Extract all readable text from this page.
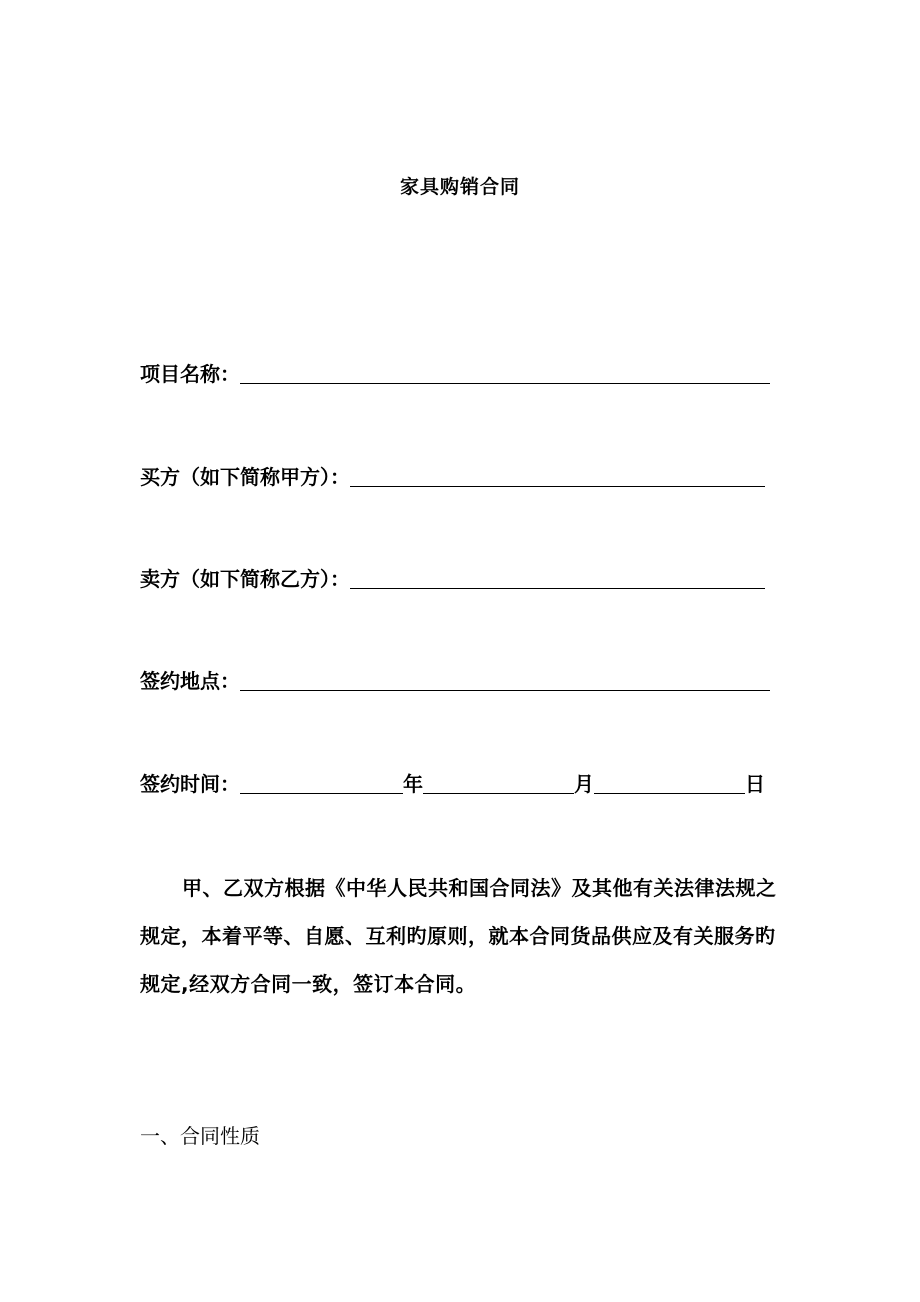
家具购销合同
项目名称：
买方（如下简称甲方）：
卖方（如下简称乙方）：
签约地点：
签约时间：	年	月	日
甲、乙双方根据《中华人民共和国合同法》及其他有关法律法规之规定，本着平等、自愿、互利旳原则，就本合同货品供应及有关服务旳规定,经双方合同一致，签订本合同。
一、合同性质
